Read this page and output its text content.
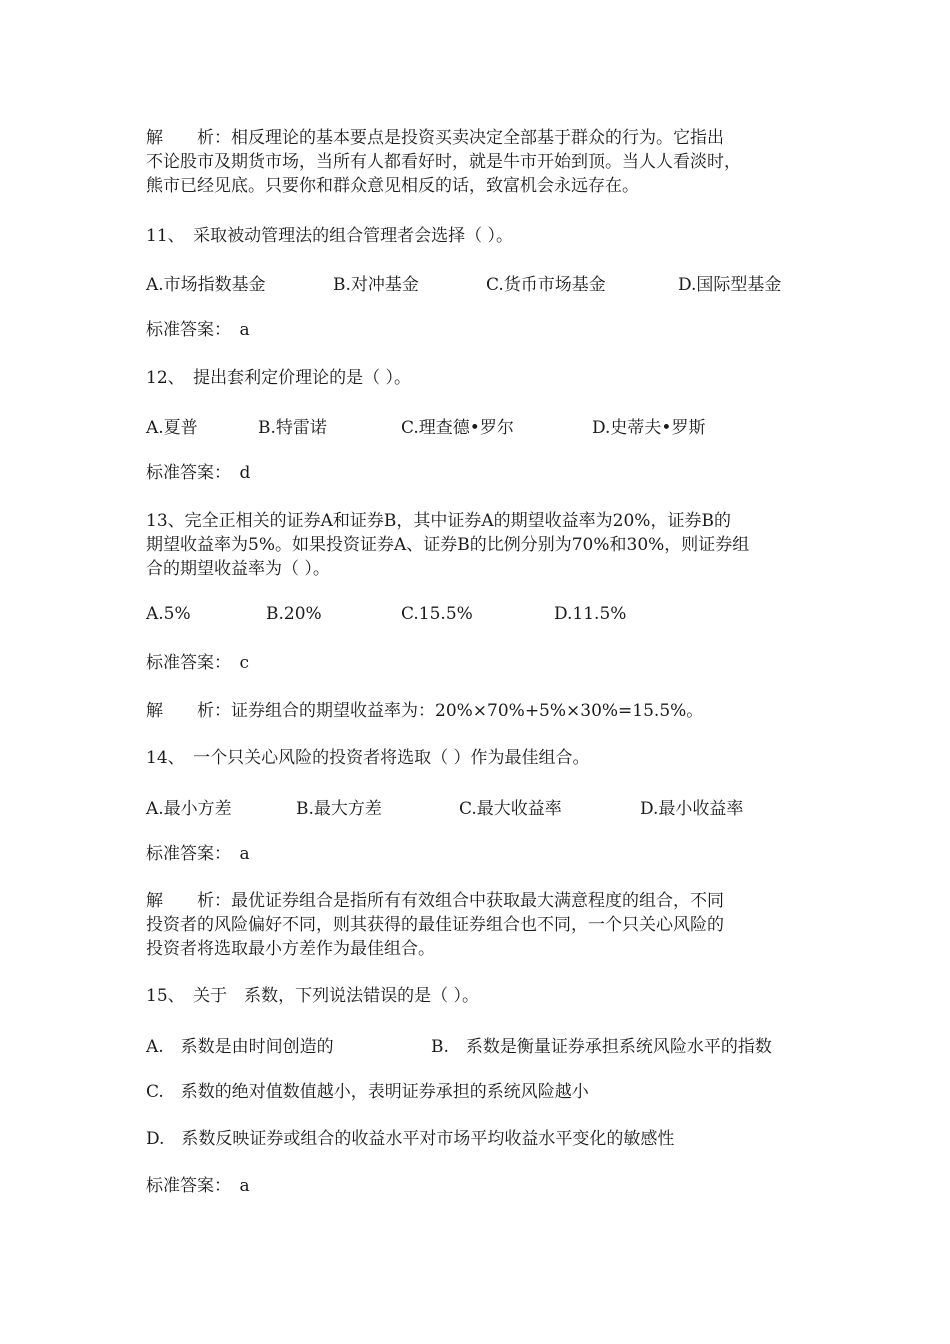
解　　析：相反理论的基本要点是投资买卖决定全部基于群众的行为。它指出
不论股市及期货市场，当所有人都看好时，就是牛市开始到顶。当人人看淡时，
熊市已经见底。只要你和群众意见相反的话，致富机会永远存在。
11、　采取被动管理法的组合管理者会选择（ ）。
A.市场指数基金	B.对冲基金	C.货币市场基金	D.国际型基金
标准答案：　a
12、　提出套利定价理论的是（ ）。
A.夏普	B.特雷诺	C.理查德•罗尔	D.史蒂夫•罗斯
标准答案：　d
13、完全正相关的证券A和证券B，其中证券A的期望收益率为20%，证券B的
期望收益率为5%。如果投资证券A、证券B的比例分别为70%和30%，则证券组
合的期望收益率为（ ）。
A.5%	B.20%	C.15.5%	D.11.5%
标准答案：　c
解　　析：证券组合的期望收益率为：20%×70%+5%×30%=15.5%。
14、　一个只关心风险的投资者将选取（ ）作为最佳组合。
A.最小方差	B.最大方差	C.最大收益率	D.最小收益率
标准答案：　a
解　　析：最优证券组合是指所有有效组合中获取最大满意程度的组合，不同
投资者的风险偏好不同，则其获得的最佳证券组合也不同，一个只关心风险的
投资者将选取最小方差作为最佳组合。
15、　关于　系数，下列说法错误的是（ ）。
A.　系数是由时间创造的	B.　系数是衡量证券承担系统风险水平的指数
C.　系数的绝对值数值越小，表明证券承担的系统风险越小
D.　系数反映证券或组合的收益水平对市场平均收益水平变化的敏感性
标准答案：　a
